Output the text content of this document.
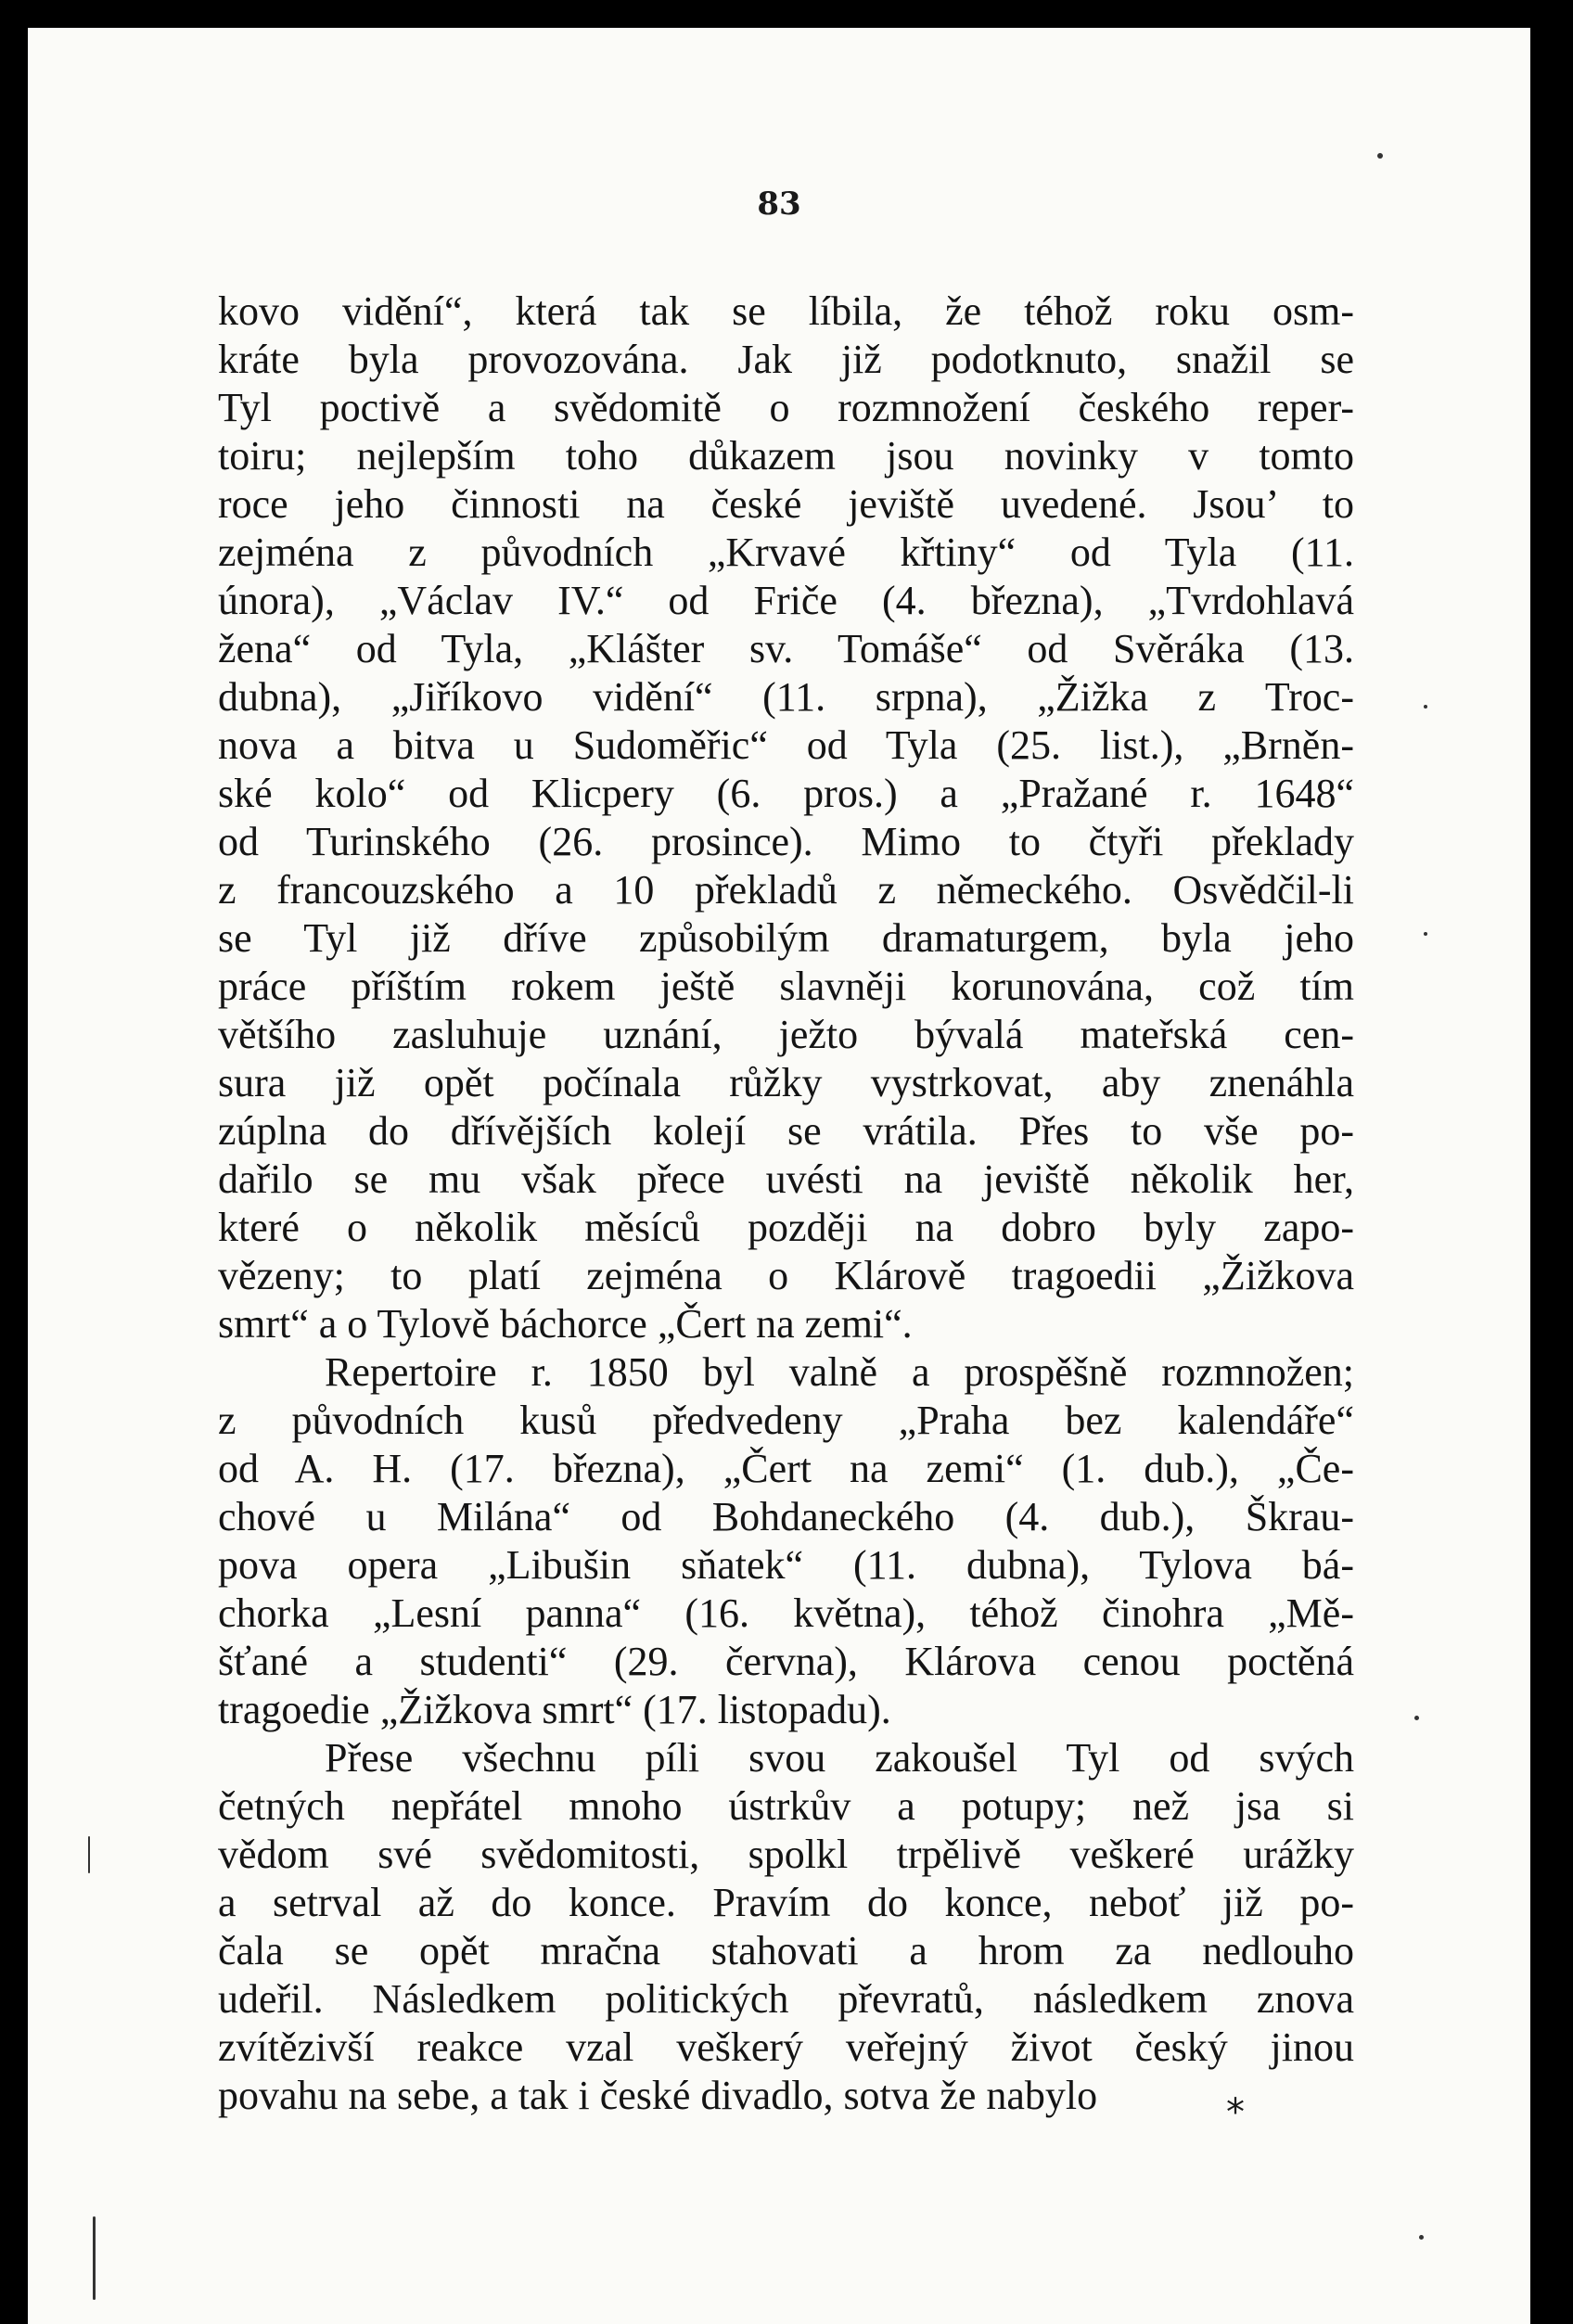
83
kovo vidění“, která tak se líbila, že téhož roku osm-
kráte byla provozována. Jak již podotknuto, snažil se
Tyl poctivě a svědomitě o rozmnožení českého reper-
toiru; nejlepším toho důkazem jsou novinky v tomto
roce jeho činnosti na české jeviště uvedené. Jsou’ to
zejména z původních „Krvavé křtiny“ od Tyla (11.
února), „Václav IV.“ od Friče (4. března), „Tvrdohlavá
žena“ od Tyla, „Klášter sv. Tomáše“ od Svěráka (13.
dubna), „Jiříkovo vidění“ (11. srpna), „Žižka z Troc-
nova a bitva u Sudoměřic“ od Tyla (25. list.), „Brněn-
ské kolo“ od Klicpery (6. pros.) a „Pražané r. 1648“
od Turinského (26. prosince). Mimo to čtyři překlady
z francouzského a 10 překladů z německého. Osvědčil-li
se Tyl již dříve způsobilým dramaturgem, byla jeho
práce příštím rokem ještě slavněji korunována, což tím
většího zasluhuje uznání, ježto bývalá mateřská cen-
sura již opět počínala růžky vystrkovat, aby znenáhla
zúplna do dřívějších kolejí se vrátila. Přes to vše po-
dařilo se mu však přece uvésti na jeviště několik her,
které o několik měsíců později na dobro byly zapo-
vězeny; to platí zejména o Klárově tragoedii „Žižkova
smrt“ a o Tylově báchorce „Čert na zemi“.
Repertoire r. 1850 byl valně a prospěšně rozmnožen;
z původních kusů předvedeny „Praha bez kalendáře“
od A. H. (17. března), „Čert na zemi“ (1. dub.), „Če-
chové u Milána“ od Bohdaneckého (4. dub.), Škrau-
pova opera „Libušin sňatek“ (11. dubna), Tylova bá-
chorka „Lesní panna“ (16. května), téhož činohra „Mě-
šťané a studenti“ (29. června), Klárova cenou poctěná
tragoedie „Žižkova smrt“ (17. listopadu).
Přese všechnu píli svou zakoušel Tyl od svých
četných nepřátel mnoho ústrkův a potupy; než jsa si
vědom své svědomitosti, spolkl trpělivě veškeré urážky
a setrval až do konce. Pravím do konce, neboť již po-
čala se opět mračna stahovati a hrom za nedlouho
udeřil. Následkem politických převratů, následkem znova
zvítězivší reakce vzal veškerý veřejný život český jinou
povahu na sebe, a tak i české divadlo, sotva že nabylo	*
